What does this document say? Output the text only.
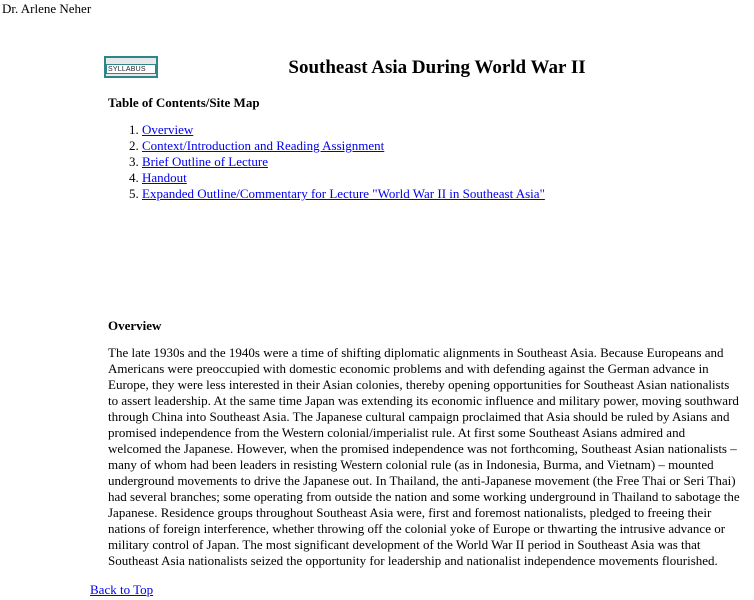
Dr. Arlene Neher
SYLLABUS	Southeast Asia During World War II
Table of Contents/Site Map
1. Overview
2. Context/Introduction and Reading Assignment
3. Brief Outline of Lecture
4. Handout
5. Expanded Outline/Commentary for Lecture "World War II in Southeast Asia"
Overview

The late 1930s and the 1940s were a time of shifting diplomatic alignments in Southeast Asia. Because Europeans and Americans were preoccupied with domestic economic problems and with defending against the German advance in Europe, they were less interested in their Asian colonies, thereby opening opportunities for Southeast Asian nationalists to assert leadership. At the same time Japan was extending its economic influence and military power, moving southward through China into Southeast Asia. The Japanese cultural campaign proclaimed that Asia should be ruled by Asians and promised independence from the Western colonial/imperialist rule. At first some Southeast Asians admired and welcomed the Japanese. However, when the promised independence was not forthcoming, Southeast Asian nationalists – many of whom had been leaders in resisting Western colonial rule (as in Indonesia, Burma, and Vietnam) – mounted underground movements to drive the Japanese out. In Thailand, the anti-Japanese movement (the Free Thai or Seri Thai) had several branches; some operating from outside the nation and some working underground in Thailand to sabotage the Japanese. Residence groups throughout Southeast Asia were, first and foremost nationalists, pledged to freeing their nations of foreign interference, whether throwing off the colonial yoke of Europe or thwarting the intrusive advance or military control of Japan. The most significant development of the World War II period in Southeast Asia was that Southeast Asia nationalists seized the opportunity for leadership and nationalist independence movements flourished.

Back to Top
